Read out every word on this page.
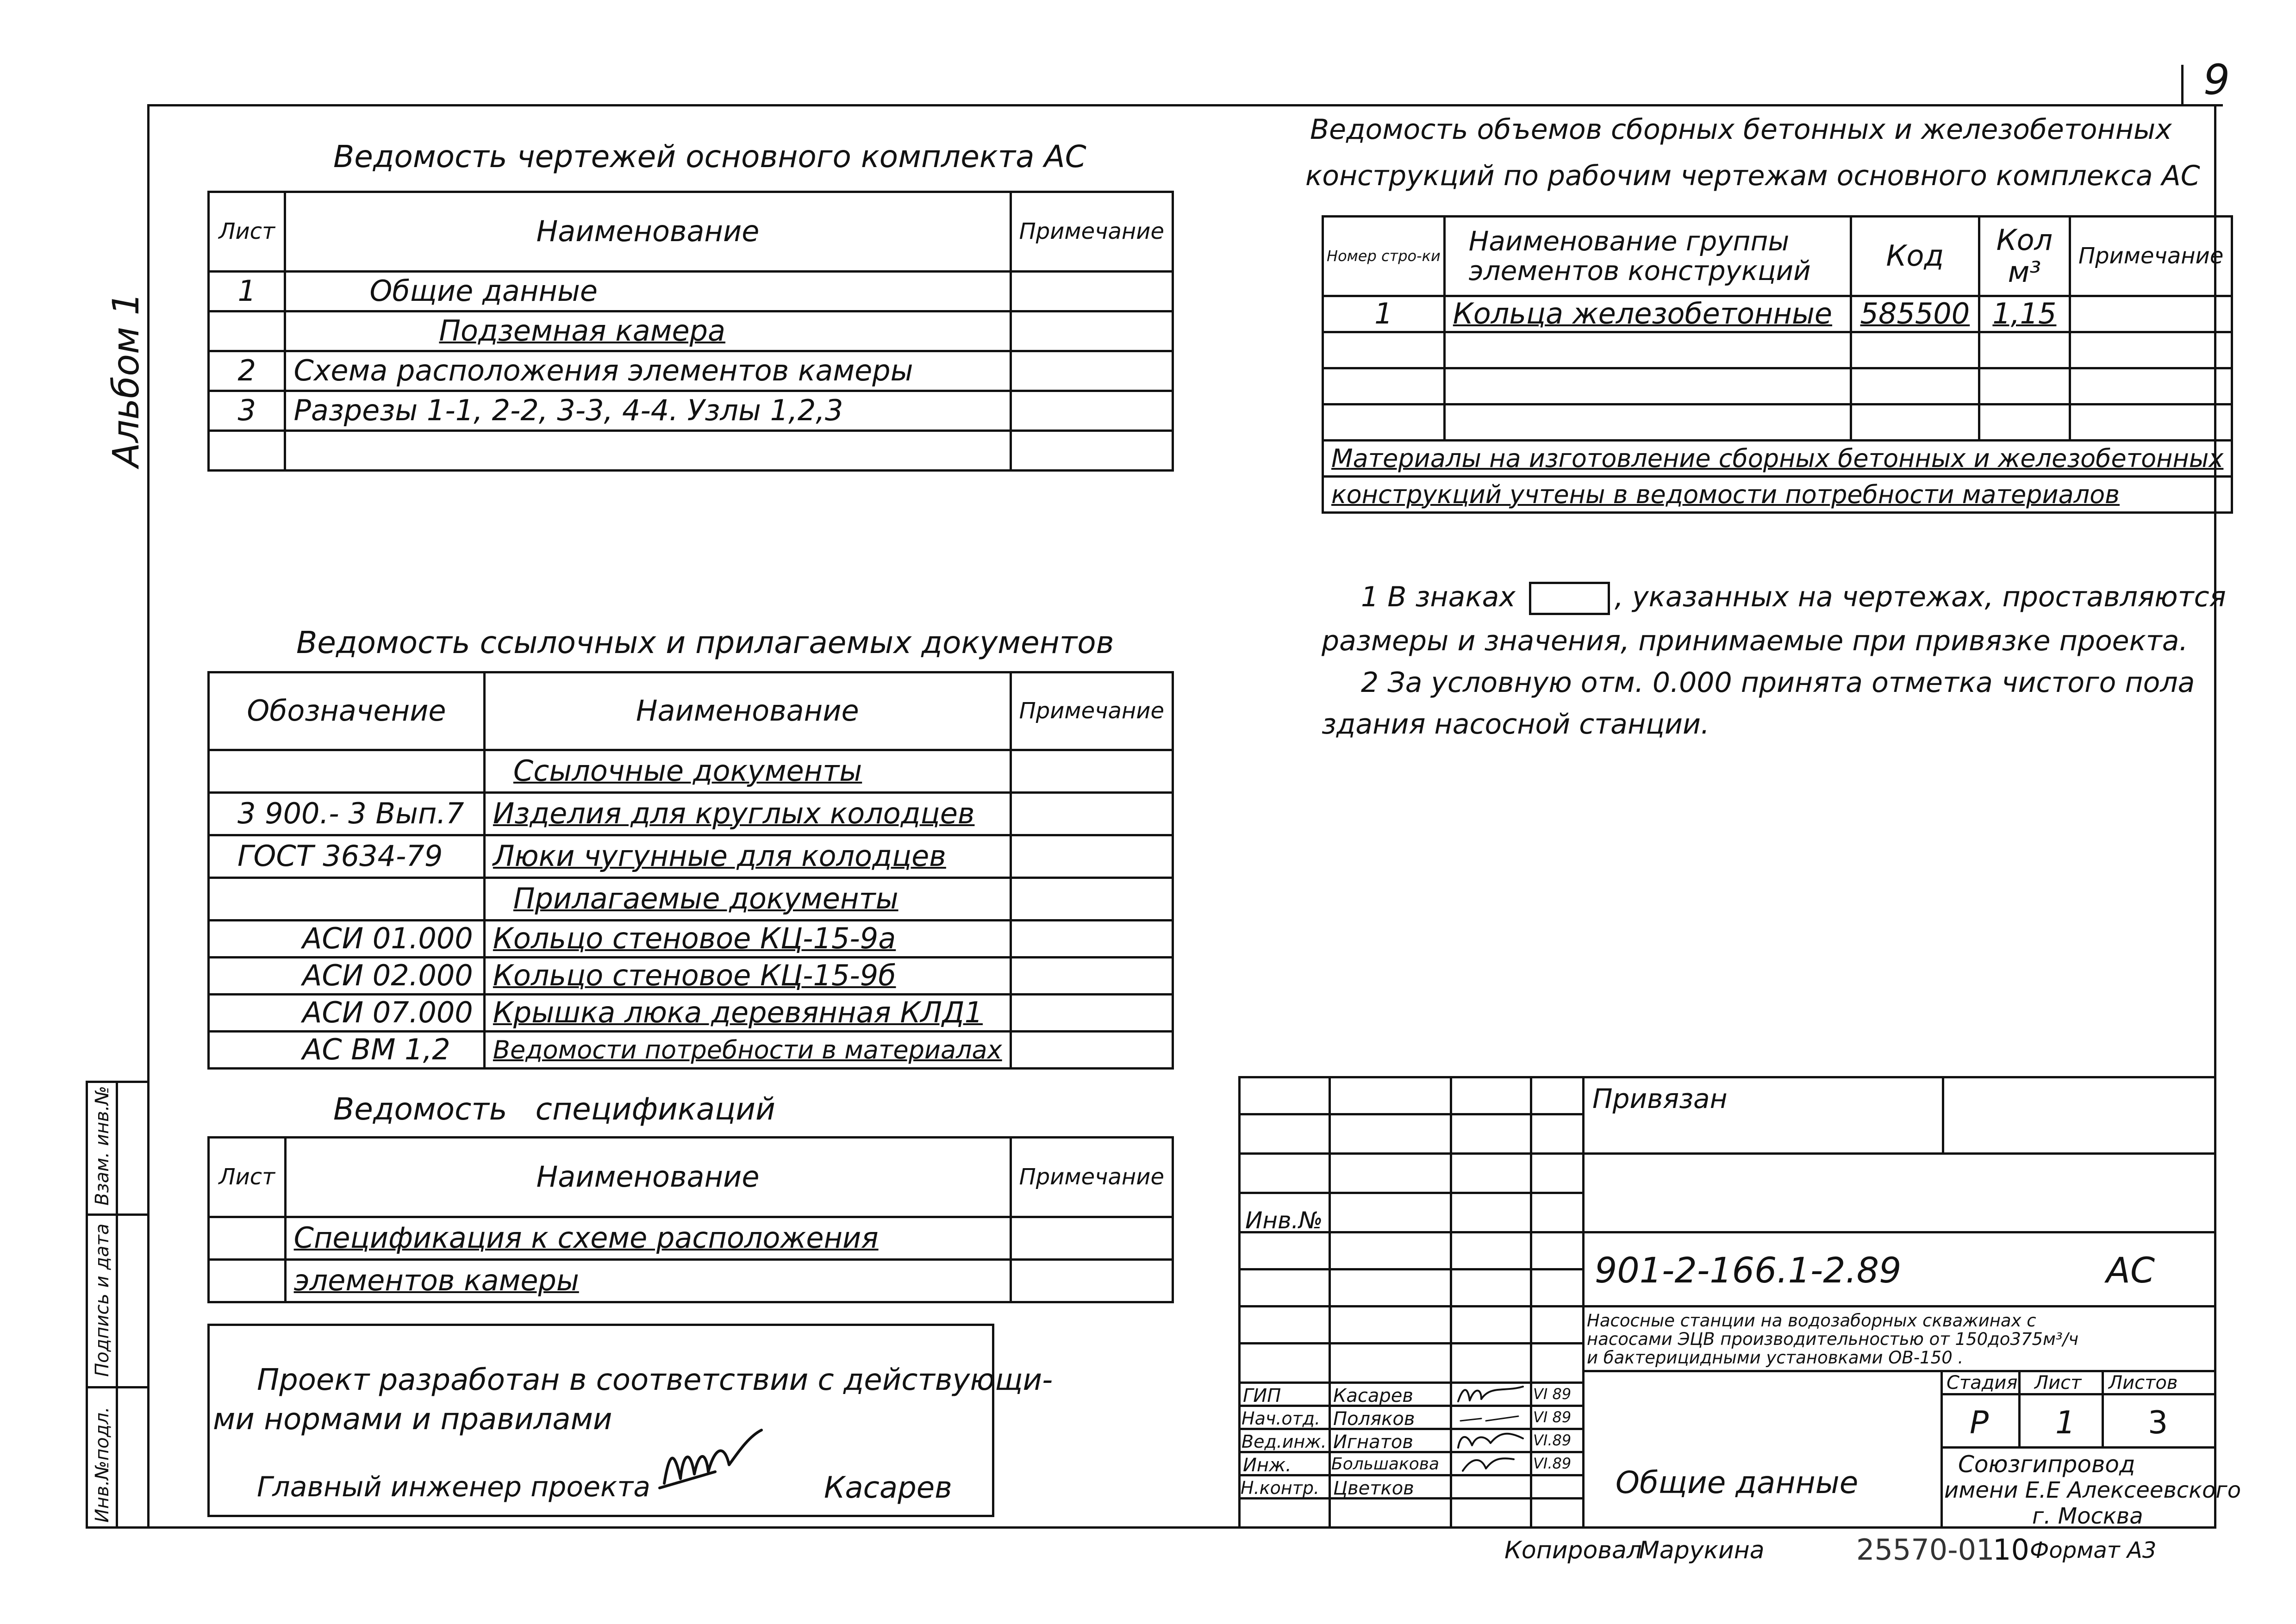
9
Альбом 1
Взам. инв.№
Подпись и дата
Инв.№подл.
Ведомость чертежей основного комплекта АС
Лист	Наименование	Примечание
1	Общие данные	
	Подземная камера	
2	Схема расположения элементов камеры	
3	Разрезы 1-1, 2-2, 3-3, 4-4. Узлы 1,2,3	

Ведомость объемов сборных бетонных и железобетонных
конструкций по рабочим чертежам основного комплекса АС
Номер стро-ки	Наименование группы элементов конструкций	Код	Кол м³	Примечание
1	Кольца железобетонные	585500	1,15	

Материалы на изготовление сборных бетонных и железобетонных				
конструкций учтены в ведомости потребности материалов				
1 В знаках	, указанных на чертежах, проставляются
размеры и значения, принимаемые при привязке проекта.
2 За условную отм. 0.000 принята отметка чистого пола
здания насосной станции.
Ведомость ссылочных и прилагаемых документов
Обозначение	Наименование	Примечание
	Ссылочные документы	
3 900.- 3 Вып.7	Изделия для круглых колодцев	
ГОСТ 3634-79	Люки чугунные для колодцев	
	Прилагаемые документы	
АСИ 01.000	Кольцо стеновое КЦ-15-9а	
АСИ 02.000	Кольцо стеновое КЦ-15-9б	
АСИ 07.000	Крышка люка деревянная КЛД1	
АС ВМ 1,2	Ведомости потребности в материалах	
Ведомость спецификаций
Лист	Наименование	Примечание
	Спецификация к схеме расположения	
	элементов камеры	
Проект разработан в соответствии с действующи-
ми нормами и правилами
Главный инженер проекта	Касарев
Привязан
Инв.№
901-2-166.1-2.89	АС
Насосные станции на водозаборных скважинах с
насосами ЭЦВ производительностью от 150до375м³/ч
и бактерицидными установками ОВ-150 .
Стадия Лист Листов
Р 1 3
Общие данные
Союзгипровод
имени Е.Е Алексеевского
г. Москва
ГИП	Касарев	VI 89
Нач.отд. Поляков	VI 89
Вед.инж. Игнатов	VI.89
Инж. Большакова	VI.89
Н.контр. Цветков
Копировал
Марукина	25570-01
10 Формат А3
